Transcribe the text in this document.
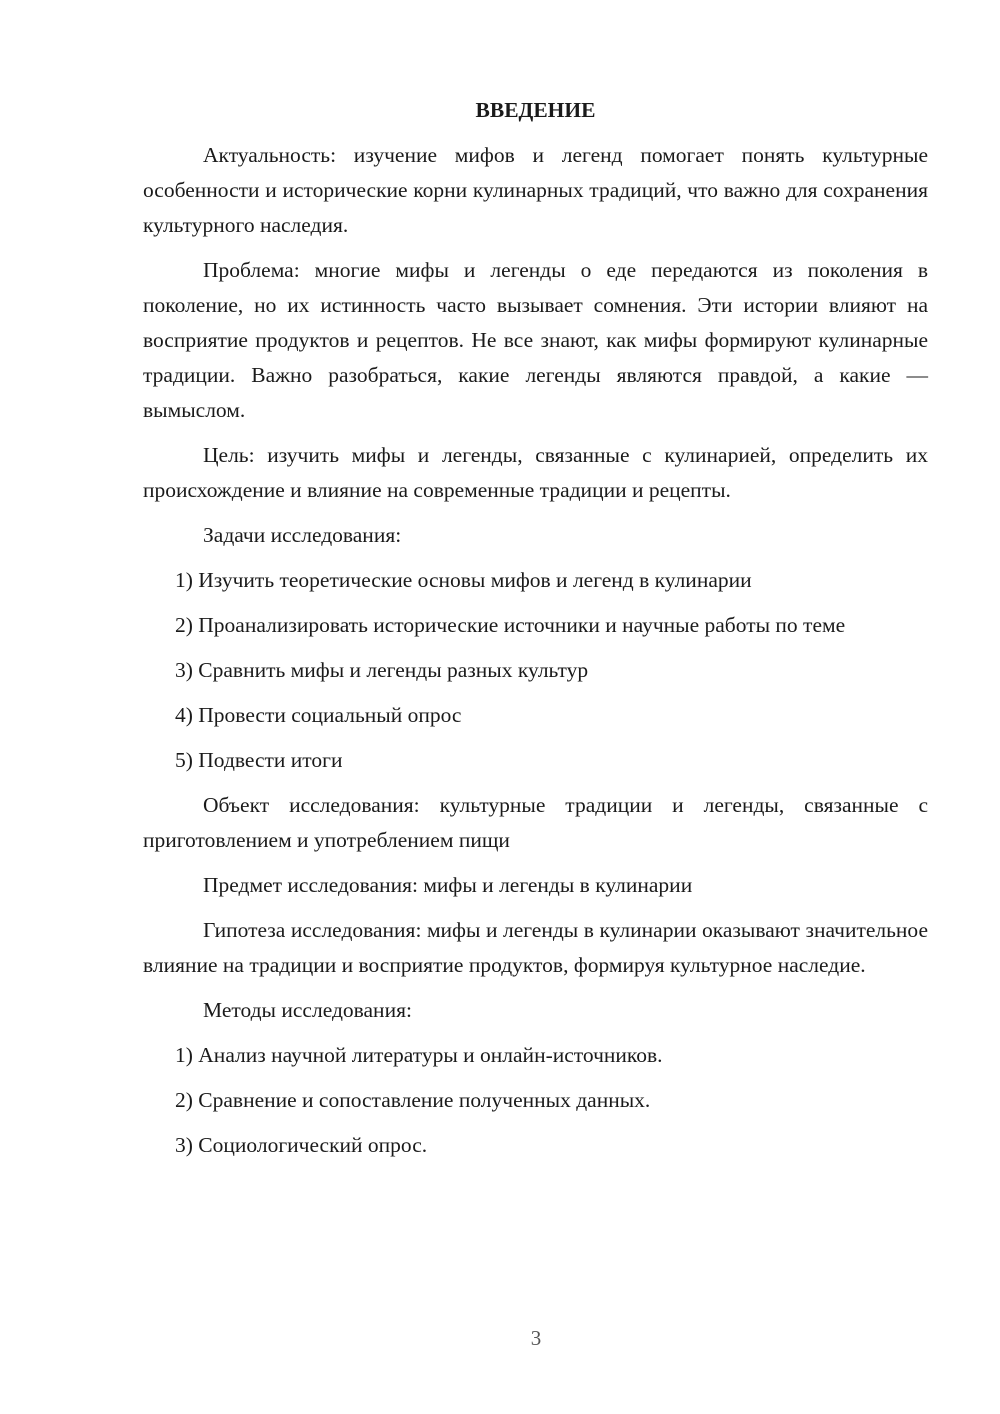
ВВЕДЕНИЕ

Актуальность: изучение мифов и легенд помогает понять культурные особенности и исторические корни кулинарных традиций, что важно для сохранения культурного наследия.

Проблема: многие мифы и легенды о еде передаются из поколения в поколение, но их истинность часто вызывает сомнения. Эти истории влияют на восприятие продуктов и рецептов. Не все знают, как мифы формируют кулинарные традиции. Важно разобраться, какие легенды являются правдой, а какие — вымыслом.

Цель: изучить мифы и легенды, связанные с кулинарией, определить их происхождение и влияние на современные традиции и рецепты.

Задачи исследования:

1) Изучить теоретические основы мифов и легенд в кулинарии

2) Проанализировать исторические источники и научные работы по теме

3) Сравнить мифы и легенды разных культур

4) Провести социальный опрос

5) Подвести итоги

Объект исследования: культурные традиции и легенды, связанные с приготовлением и употреблением пищи

Предмет исследования: мифы и легенды в кулинарии

Гипотеза исследования: мифы и легенды в кулинарии оказывают значительное влияние на традиции и восприятие продуктов, формируя культурное наследие.

Методы исследования:

1) Анализ научной литературы и онлайн-источников.

2) Сравнение и сопоставление полученных данных.

3) Социологический опрос.

3
